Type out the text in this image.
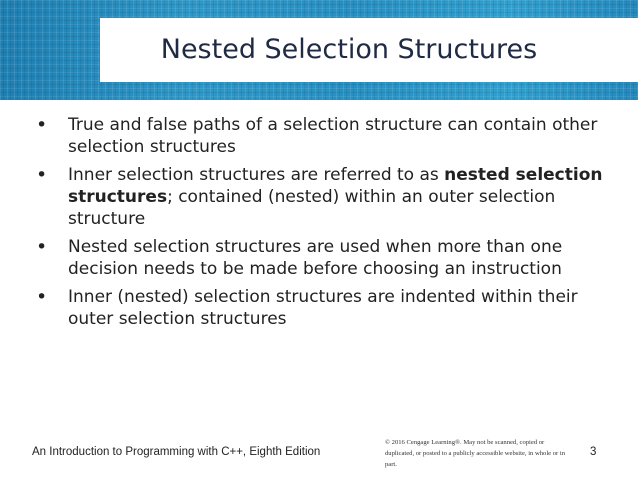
Nested Selection Structures
• True and false paths of a selection structure can contain other selection structures
• Inner selection structures are referred to as nested selection structures; contained (nested) within an outer selection structure
• Nested selection structures are used when more than one decision needs to be made before choosing an instruction
• Inner (nested) selection structures are indented within their outer selection structures
An Introduction to Programming with C++, Eighth Edition
© 2016 Cengage Learning®. May not be scanned, copied or duplicated, or posted to a publicly accessible website, in whole or in part.
3
